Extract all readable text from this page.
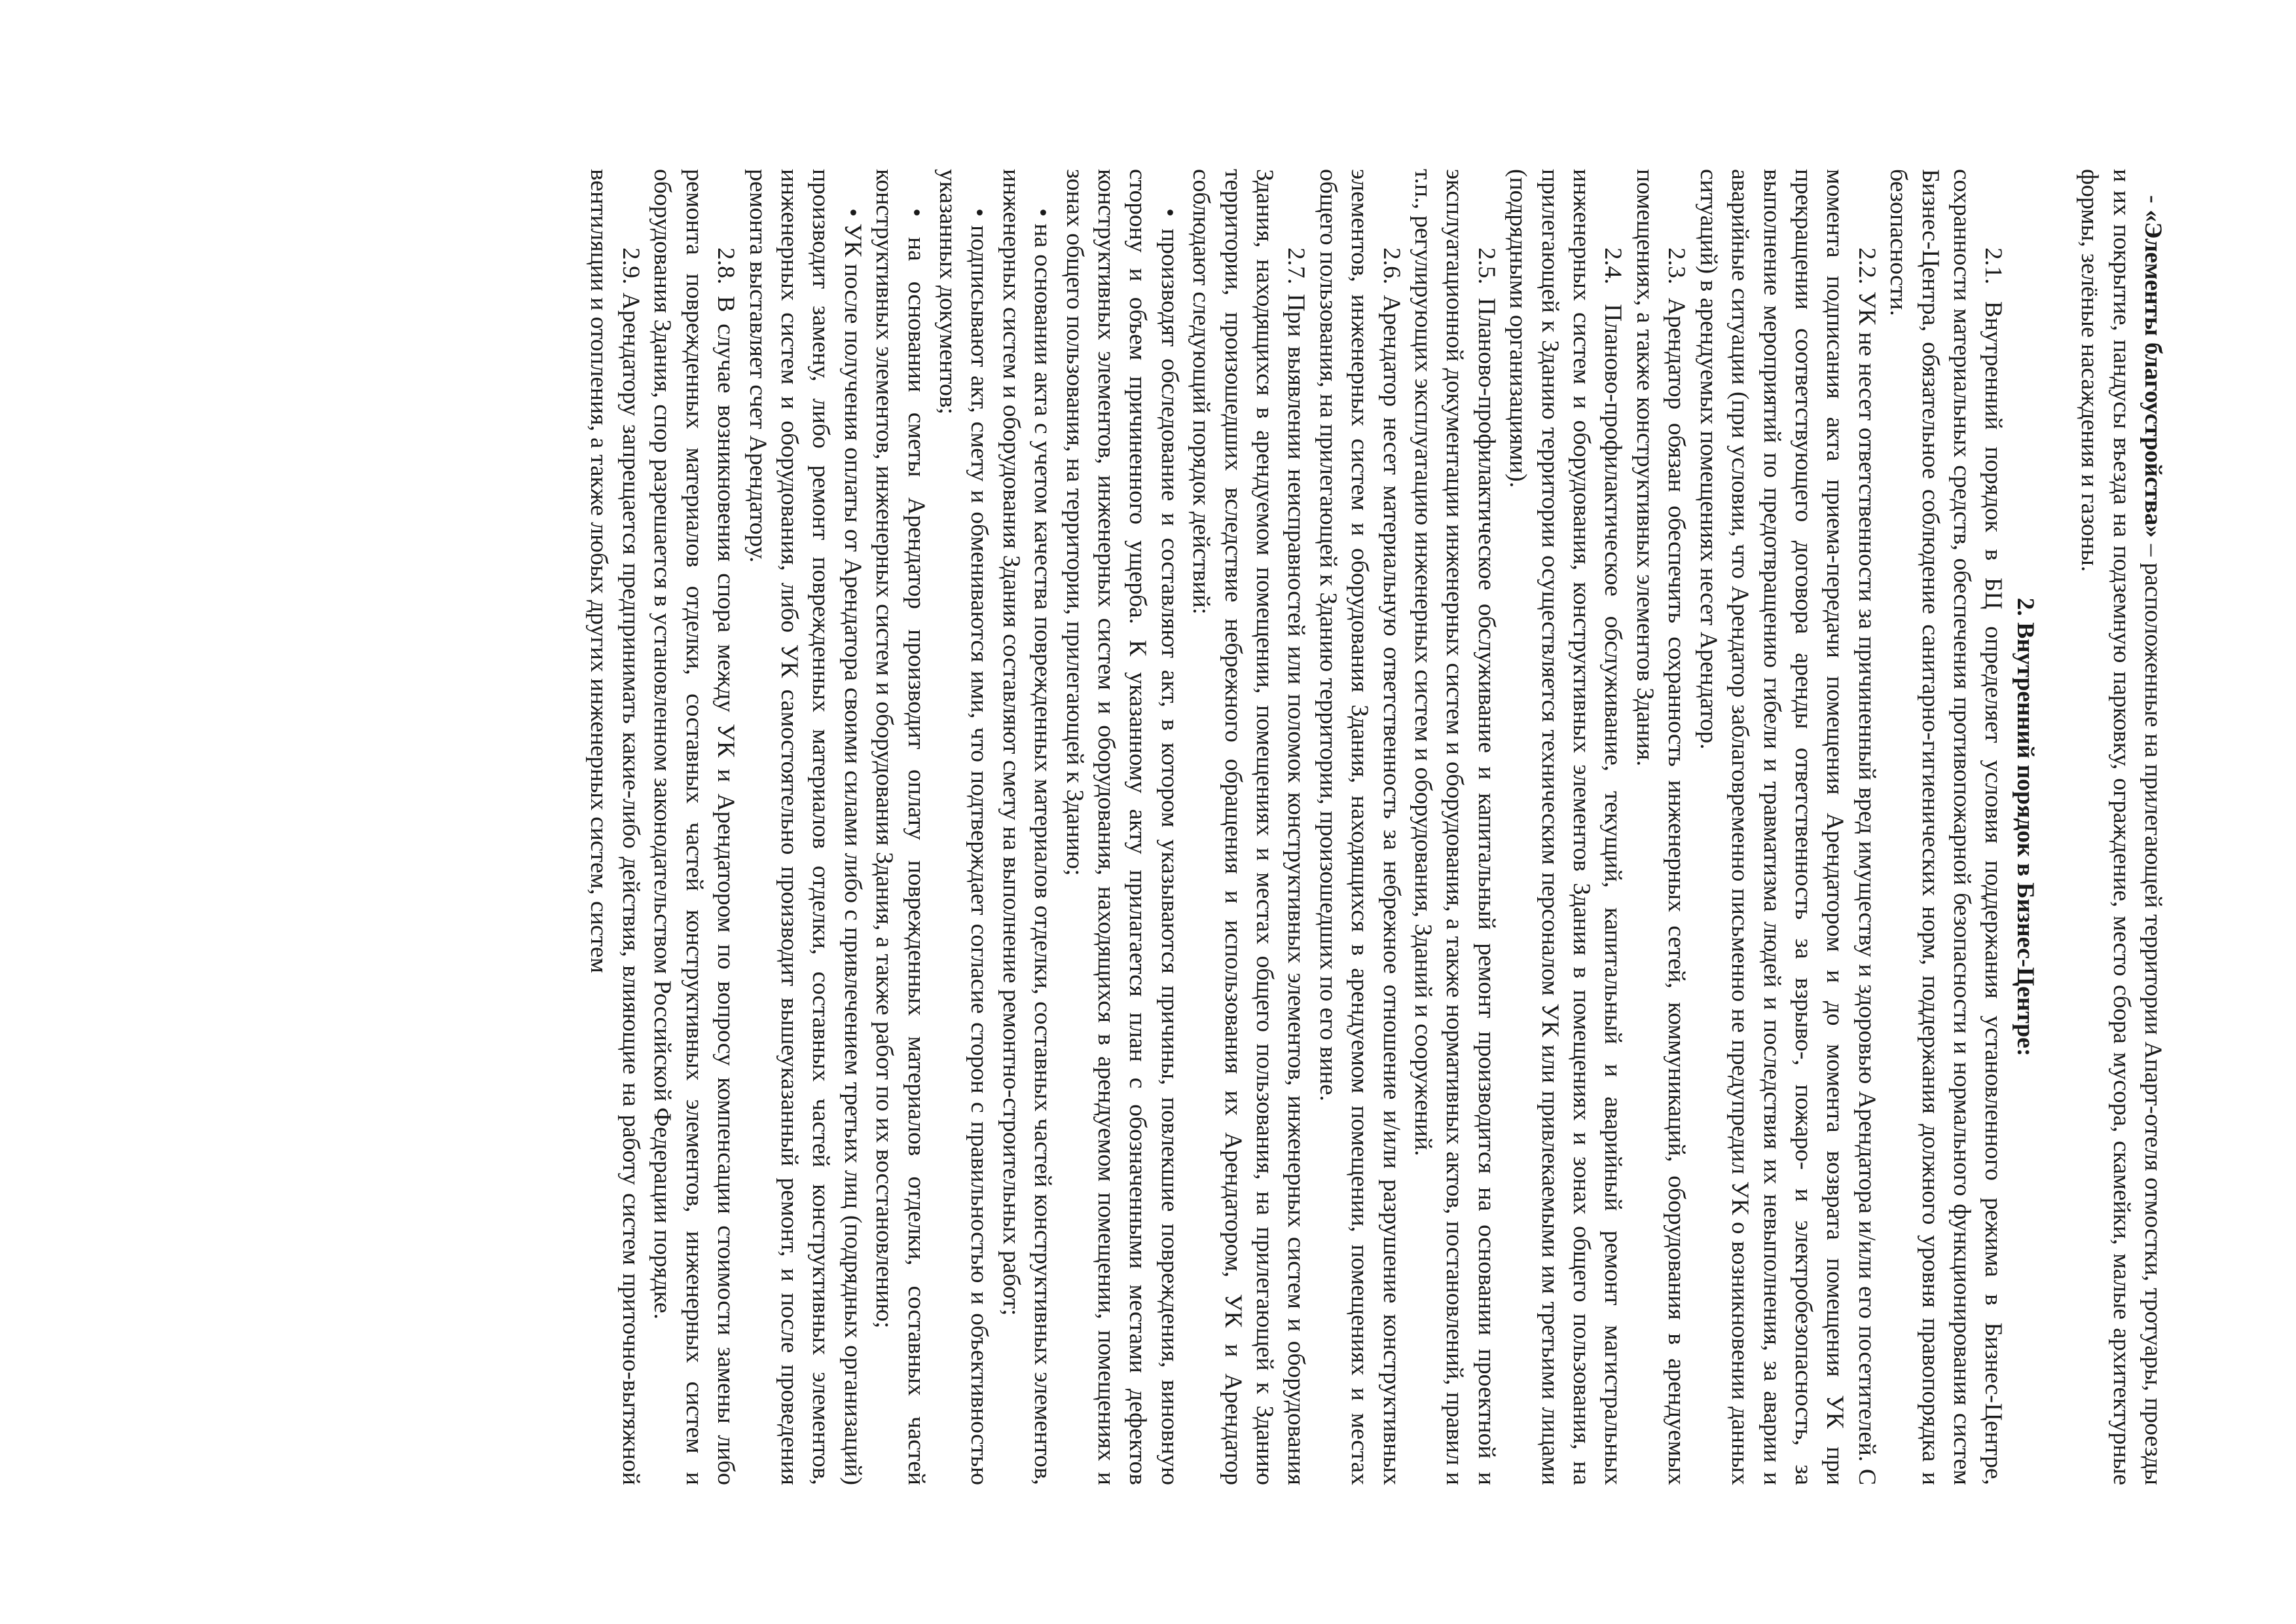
- «Элементы благоустройства» – расположенные на прилегающей территории Апарт-отеля отмостки, тротуары, проезды и их покрытие, пандусы въезда на подземную парковку, ограждение, место сбора мусора, скамейки, малые архитектурные формы, зелёные насаждения и газоны.

2. Внутренний порядок в Бизнес-Центре:

2.1. Внутренний порядок в БЦ определяет условия поддержания установленного режима в Бизнес-Центре, сохранности материальных средств, обеспечения противопожарной безопасности и нормального функционирования систем Бизнес-Центра, обязательное соблюдение санитарно-гигиенических норм, поддержания должного уровня правопорядка и безопасности.

2.2. УК не несет ответственности за причиненный вред имуществу и здоровью Арендатора и/или его посетителей. С момента подписания акта приема-передачи помещения Арендатором и до момента возврата помещения УК при прекращении соответствующего договора аренды ответственность за взрыво-, пожаро- и электробезопасность, за выполнение мероприятий по предотвращению гибели и травматизма людей и последствия их невыполнения, за аварии и аварийные ситуации (при условии, что Арендатор заблаговременно письменно не предупредил УК о возникновении данных ситуаций) в арендуемых помещениях несет Арендатор.

2.3. Арендатор обязан обеспечить сохранность инженерных сетей, коммуникаций, оборудования в арендуемых помещениях, а также конструктивных элементов Здания.

2.4. Планово-профилактическое обслуживание, текущий, капитальный и аварийный ремонт магистральных инженерных систем и оборудования, конструктивных элементов Здания в помещениях и зонах общего пользования, на прилегающей к Зданию территории осуществляется техническим персоналом УК или привлекаемыми им третьими лицами (подрядными организациями).

2.5. Планово-профилактическое обслуживание и капитальный ремонт производится на основании проектной и эксплуатационной документации инженерных систем и оборудования, а также нормативных актов, постановлений, правил и т.п., регулирующих эксплуатацию инженерных систем и оборудования, Зданий и сооружений.

2.6. Арендатор несет материальную ответственность за небрежное отношение и/или разрушение конструктивных элементов, инженерных систем и оборудования Здания, находящихся в арендуемом помещении, помещениях и местах общего пользования, на прилегающей к Зданию территории, произошедших по его вине.

2.7. При выявлении неисправностей или поломок конструктивных элементов, инженерных систем и оборудования Здания, находящихся в арендуемом помещении, помещениях и местах общего пользования, на прилегающей к Зданию территории, произошедших вследствие небрежного обращения и использования их Арендатором, УК и Арендатор соблюдают следующий порядок действий:

• производят обследование и составляют акт, в котором указываются причины, повлекшие повреждения, виновную сторону и объем причиненного ущерба. К указанному акту прилагается план с обозначенными местами дефектов конструктивных элементов, инженерных систем и оборудования, находящихся в арендуемом помещении, помещениях и зонах общего пользования, на территории, прилегающей к Зданию;

• на основании акта с учетом качества поврежденных материалов отделки, составных частей конструктивных элементов, инженерных систем и оборудования Здания составляют смету на выполнение ремонтно-строительных работ;

• подписывают акт, смету и обмениваются ими, что подтверждает согласие сторон с правильностью и объективностью указанных документов;

• на основании сметы Арендатор производит оплату поврежденных материалов отделки, составных частей конструктивных элементов, инженерных систем и оборудования Здания, а также работ по их восстановлению;

• УК после получения оплаты от Арендатора своими силами либо с привлечением третьих лиц (подрядных организаций) производит замену, либо ремонт поврежденных материалов отделки, составных частей конструктивных элементов, инженерных систем и оборудования, либо УК самостоятельно производит вышеуказанный ремонт, и после проведения ремонта выставляет счет Арендатору.

2.8. В случае возникновения спора между УК и Арендатором по вопросу компенсации стоимости замены либо ремонта поврежденных материалов отделки, составных частей конструктивных элементов, инженерных систем и оборудования Здания, спор разрешается в установленном законодательством Российской Федерации порядке.

2.9. Арендатору запрещается предпринимать какие-либо действия, влияющие на работу систем приточно-вытяжной вентиляции и отопления, а также любых других инженерных систем, систем
